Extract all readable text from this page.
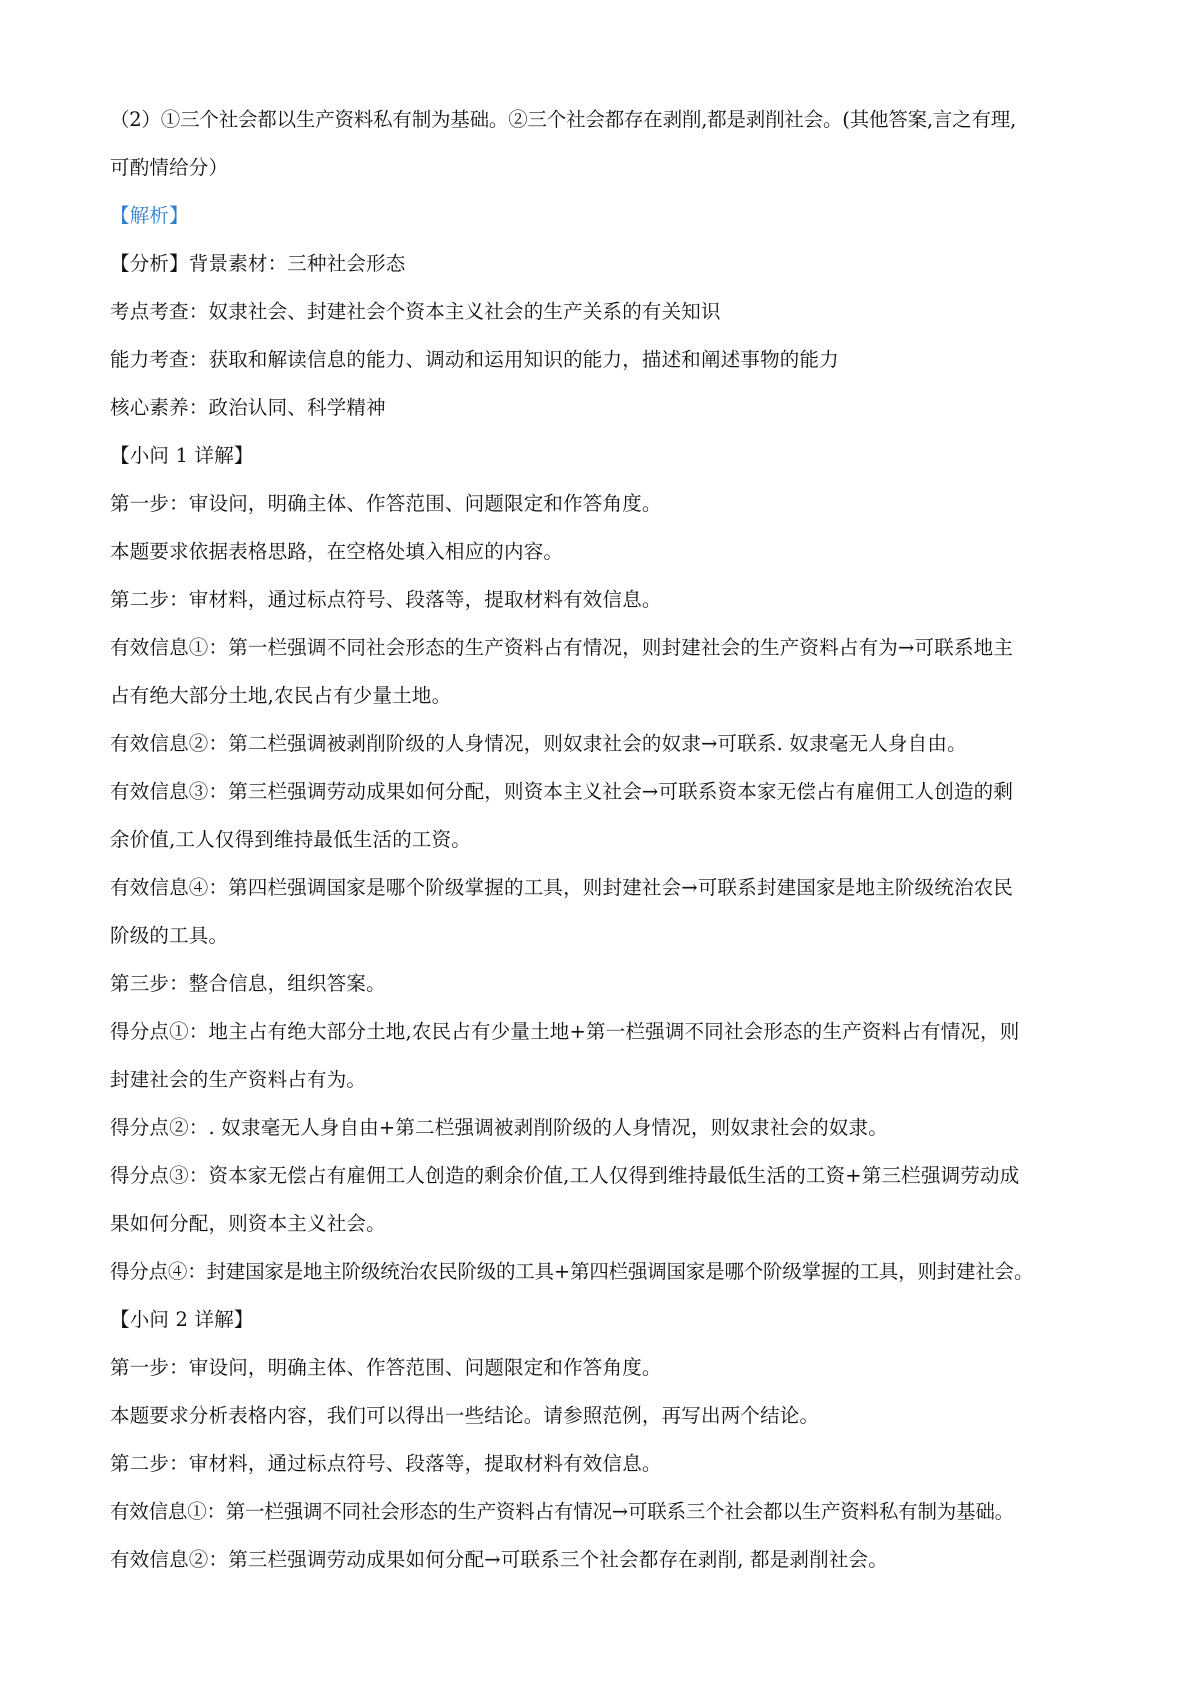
（2）①三个社会都以生产资料私有制为基础。②三个社会都存在剥削,都是剥削社会。(其他答案,言之有理,
可酌情给分）
【解析】
【分析】背景素材：三种社会形态
考点考查：奴隶社会、封建社会个资本主义社会的生产关系的有关知识
能力考查：获取和解读信息的能力、调动和运用知识的能力，描述和阐述事物的能力
核心素养：政治认同、科学精神
【小问 1 详解】
第一步：审设问，明确主体、作答范围、问题限定和作答角度。
本题要求依据表格思路，在空格处填入相应的内容。
第二步：审材料，通过标点符号、段落等，提取材料有效信息。
有效信息①：第一栏强调不同社会形态的生产资料占有情况，则封建社会的生产资料占有为→可联系地主
占有绝大部分土地,农民占有少量土地。
有效信息②：第二栏强调被剥削阶级的人身情况，则奴隶社会的奴隶→可联系. 奴隶毫无人身自由。
有效信息③：第三栏强调劳动成果如何分配，则资本主义社会→可联系资本家无偿占有雇佣工人创造的剩
余价值,工人仅得到维持最低生活的工资。
有效信息④：第四栏强调国家是哪个阶级掌握的工具，则封建社会→可联系封建国家是地主阶级统治农民
阶级的工具。
第三步：整合信息，组织答案。
得分点①：地主占有绝大部分土地,农民占有少量土地+第一栏强调不同社会形态的生产资料占有情况，则
封建社会的生产资料占有为。
得分点②：. 奴隶毫无人身自由+第二栏强调被剥削阶级的人身情况，则奴隶社会的奴隶。
得分点③：资本家无偿占有雇佣工人创造的剩余价值,工人仅得到维持最低生活的工资+第三栏强调劳动成
果如何分配，则资本主义社会。
得分点④：封建国家是地主阶级统治农民阶级的工具+第四栏强调国家是哪个阶级掌握的工具，则封建社会。
【小问 2 详解】
第一步：审设问，明确主体、作答范围、问题限定和作答角度。
本题要求分析表格内容，我们可以得出一些结论。请参照范例，再写出两个结论。
第二步：审材料，通过标点符号、段落等，提取材料有效信息。
有效信息①：第一栏强调不同社会形态的生产资料占有情况→可联系三个社会都以生产资料私有制为基础。
有效信息②：第三栏强调劳动成果如何分配→可联系三个社会都存在剥削, 都是剥削社会。
